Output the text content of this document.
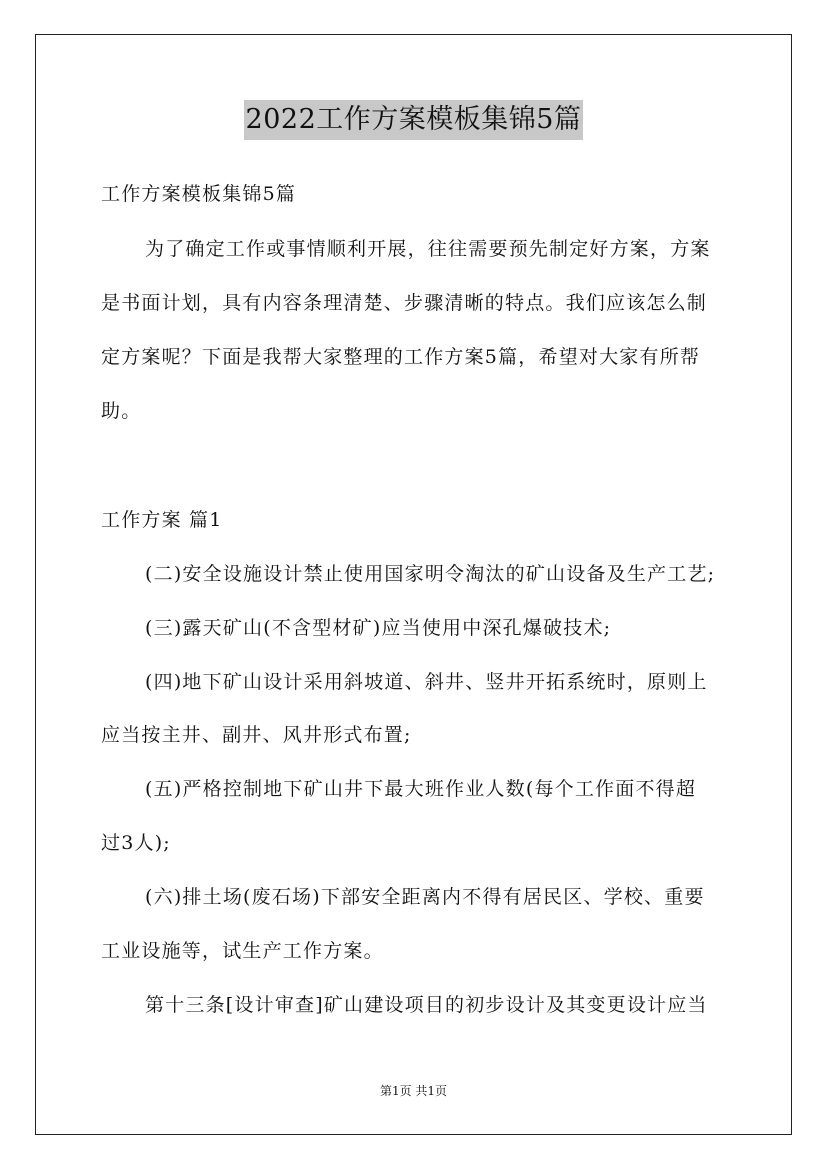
2022工作方案模板集锦5篇
工作方案模板集锦5篇
为了确定工作或事情顺利开展，往往需要预先制定好方案，方案
是书面计划，具有内容条理清楚、步骤清晰的特点。我们应该怎么制
定方案呢？下面是我帮大家整理的工作方案5篇，希望对大家有所帮
助。
工作方案 篇1
(二)安全设施设计禁止使用国家明令淘汰的矿山设备及生产工艺;
(三)露天矿山(不含型材矿)应当使用中深孔爆破技术;
(四)地下矿山设计采用斜坡道、斜井、竖井开拓系统时，原则上
应当按主井、副井、风井形式布置;
(五)严格控制地下矿山井下最大班作业人数(每个工作面不得超
过3人);
(六)排土场(废石场)下部安全距离内不得有居民区、学校、重要
工业设施等，试生产工作方案。
第十三条[设计审查]矿山建设项目的初步设计及其变更设计应当
第1页 共1页
